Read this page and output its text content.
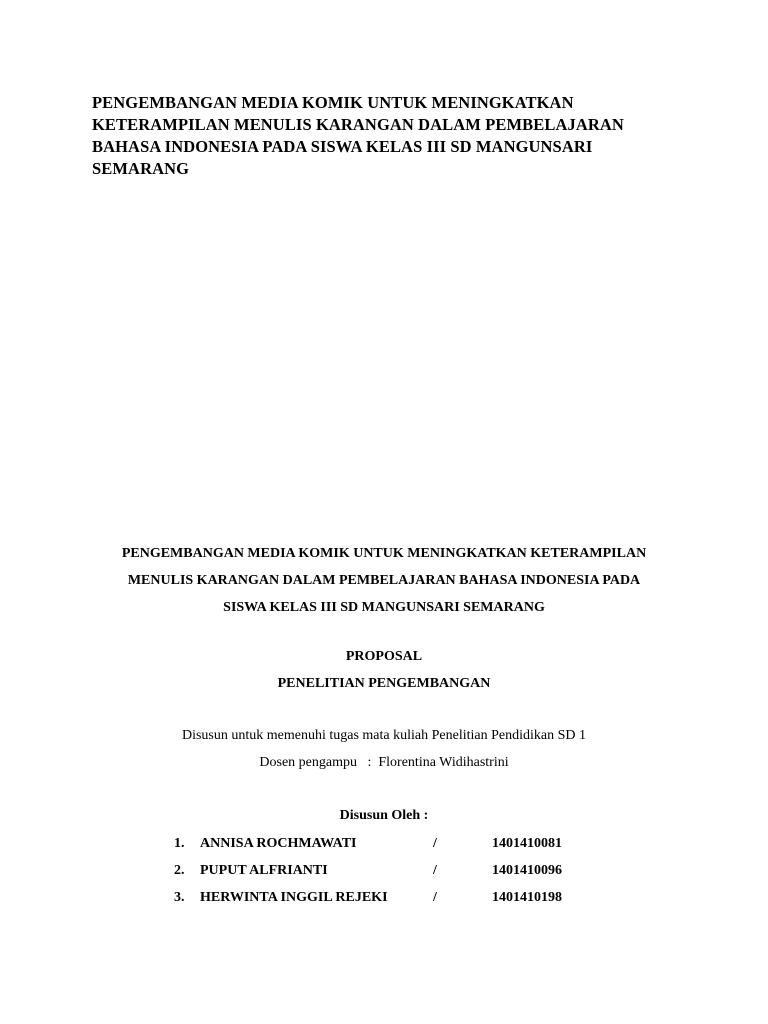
PENGEMBANGAN MEDIA KOMIK UNTUK MENINGKATKAN
KETERAMPILAN MENULIS KARANGAN DALAM PEMBELAJARAN
BAHASA INDONESIA PADA SISWA KELAS III SD MANGUNSARI
SEMARANG
PENGEMBANGAN MEDIA KOMIK UNTUK MENINGKATKAN KETERAMPILAN
MENULIS KARANGAN DALAM PEMBELAJARAN BAHASA INDONESIA PADA
SISWA KELAS III SD MANGUNSARI SEMARANG
PROPOSAL
PENELITIAN PENGEMBANGAN
Disusun untuk memenuhi tugas mata kuliah Penelitian Pendidikan SD 1
Dosen pengampu : Florentina Widihastrini
Disusun Oleh :
1. ANNISA ROCHMAWATI	/	1401410081
2. PUPUT ALFRIANTI	/	1401410096
3. HERWINTA INGGIL REJEKI	/	1401410198
